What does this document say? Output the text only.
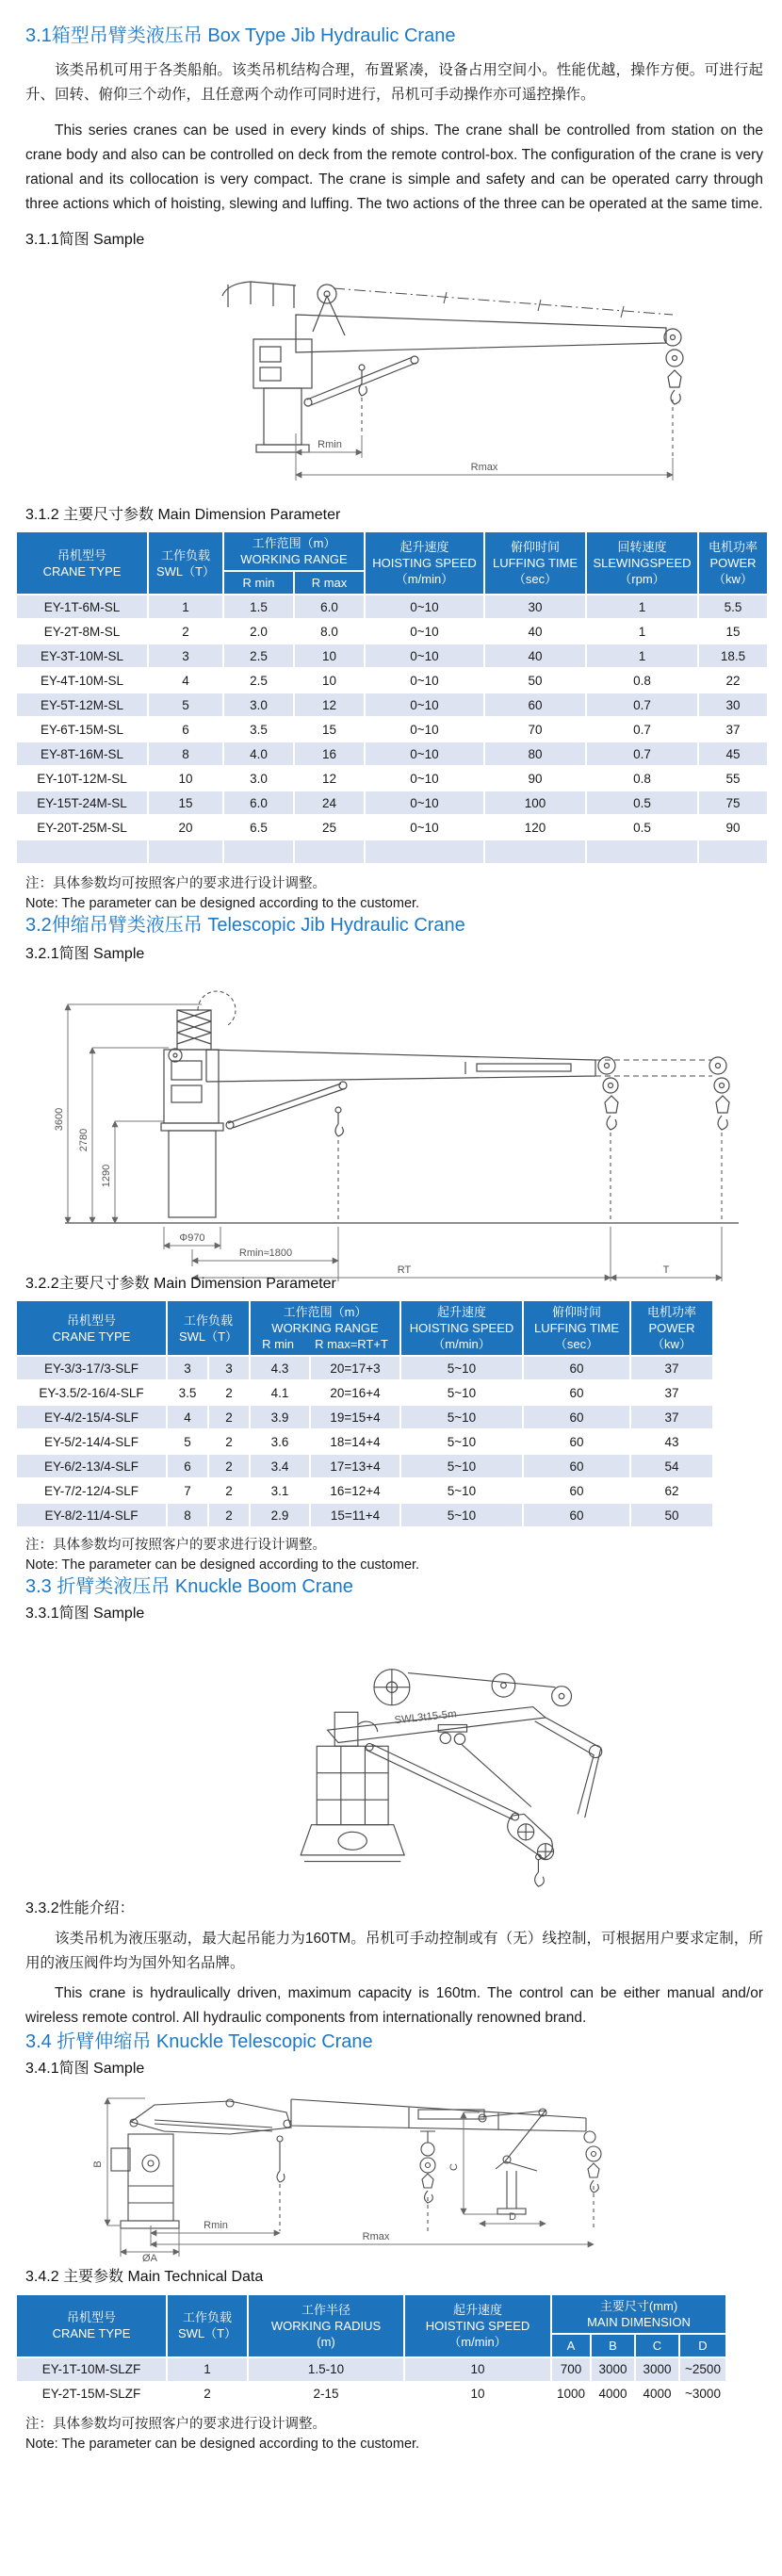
3.1箱型吊臂类液压吊 Box Type Jib Hydraulic Crane

该类吊机可用于各类船舶。该类吊机结构合理，布置紧凑，设备占用空间小。性能优越，操作方便。可进行起升、回转、俯仰三个动作，且任意两个动作可同时进行，吊机可手动操作亦可遥控操作。

This series cranes can be used in every kinds of ships. The crane shall be controlled from station on the crane body and also can be controlled on deck from the remote control-box. The configuration of the crane is very rational and its collocation is very compact. The crane is simple and safety and can be operated carry through three actions which of hoisting, slewing and luffing. The two actions of the three can be operated at the same time.

3.1.1简图 Sample
Rmin
Rmax
3.1.2 主要尺寸参数 Main Dimension Parameter
吊机型号
CRANE TYPE	工作负载
SWL（T）	工作范围（m）
WORKING RANGE		起升速度
HOISTING SPEED
（m/min）	俯仰时间
LUFFING TIME
（sec）	回转速度
SLEWINGSPEED
（rpm）	电机功率
POWER
（kw）
		R min	R max				
EY-1T-6M-SL	1	1.5	6.0	0~10	30	1	5.5
EY-2T-8M-SL	2	2.0	8.0	0~10	40	1	15
EY-3T-10M-SL	3	2.5	10	0~10	40	1	18.5
EY-4T-10M-SL	4	2.5	10	0~10	50	0.8	22
EY-5T-12M-SL	5	3.0	12	0~10	60	0.7	30
EY-6T-15M-SL	6	3.5	15	0~10	70	0.7	37
EY-8T-16M-SL	8	4.0	16	0~10	80	0.7	45
EY-10T-12M-SL	10	3.0	12	0~10	90	0.8	55
EY-15T-24M-SL	15	6.0	24	0~10	100	0.5	75
EY-20T-25M-SL	20	6.5	25	0~10	120	0.5	90

注：具体参数均可按照客户的要求进行设计调整。
Note: The parameter can be designed according to the customer.

3.2伸缩吊臂类液压吊 Telescopic Jib Hydraulic Crane
3.2.1简图 Sample
3600
2780
1290
Φ970
Rmin≈1800
RT	T
3.2.2主要尺寸参数 Main Dimension Parameter
吊机型号
CRANE TYPE	工作负载
SWL（T）		工作范围（m）
WORKING RANGE
R min R max=RT+T		起升速度
HOISTING SPEED
（m/min）	俯仰时间
LUFFING TIME
（sec）	电机功率
POWER
（kw）
EY-3/3-17/3-SLF	3	3	4.3	20=17+3	5~10	60	37
EY-3.5/2-16/4-SLF	3.5	2	4.1	20=16+4	5~10	60	37
EY-4/2-15/4-SLF	4	2	3.9	19=15+4	5~10	60	37
EY-5/2-14/4-SLF	5	2	3.6	18=14+4	5~10	60	43
EY-6/2-13/4-SLF	6	2	3.4	17=13+4	5~10	60	54
EY-7/2-12/4-SLF	7	2	3.1	16=12+4	5~10	60	62
EY-8/2-11/4-SLF	8	2	2.9	15=11+4	5~10	60	50

注：具体参数均可按照客户的要求进行设计调整。
Note: The parameter can be designed according to the customer.

3.3 折臂类液压吊 Knuckle Boom Crane
3.3.1简图 Sample
SWL3t15-5m
3.3.2性能介绍：

该类吊机为液压驱动，最大起吊能力为160TM。吊机可手动控制或有（无）线控制，可根据用户要求定制，所用的液压阀件均为国外知名品牌。

This crane is hydraulically driven, maximum capacity is 160tm. The control can be either manual and/or wireless remote control. All hydraulic components from internationally renowned brand.

3.4 折臂伸缩吊 Knuckle Telescopic Crane
3.4.1简图 Sample
B
ØA
C
D
Rmin
Rmax
3.4.2 主要参数 Main Technical Data
吊机型号
CRANE TYPE	工作负载
SWL（T）	工作半径
WORKING RADIUS
(m)	起升速度
HOISTING SPEED
（m/min）	主要尺寸(mm)
MAIN DIMENSION			
				A	B	C	D
EY-1T-10M-SLZF	1	1.5-10	10	700	3000	3000	~2500
EY-2T-15M-SLZF	2	2-15	10	1000	4000	4000	~3000

注：具体参数均可按照客户的要求进行设计调整。
Note: The parameter can be designed according to the customer.
